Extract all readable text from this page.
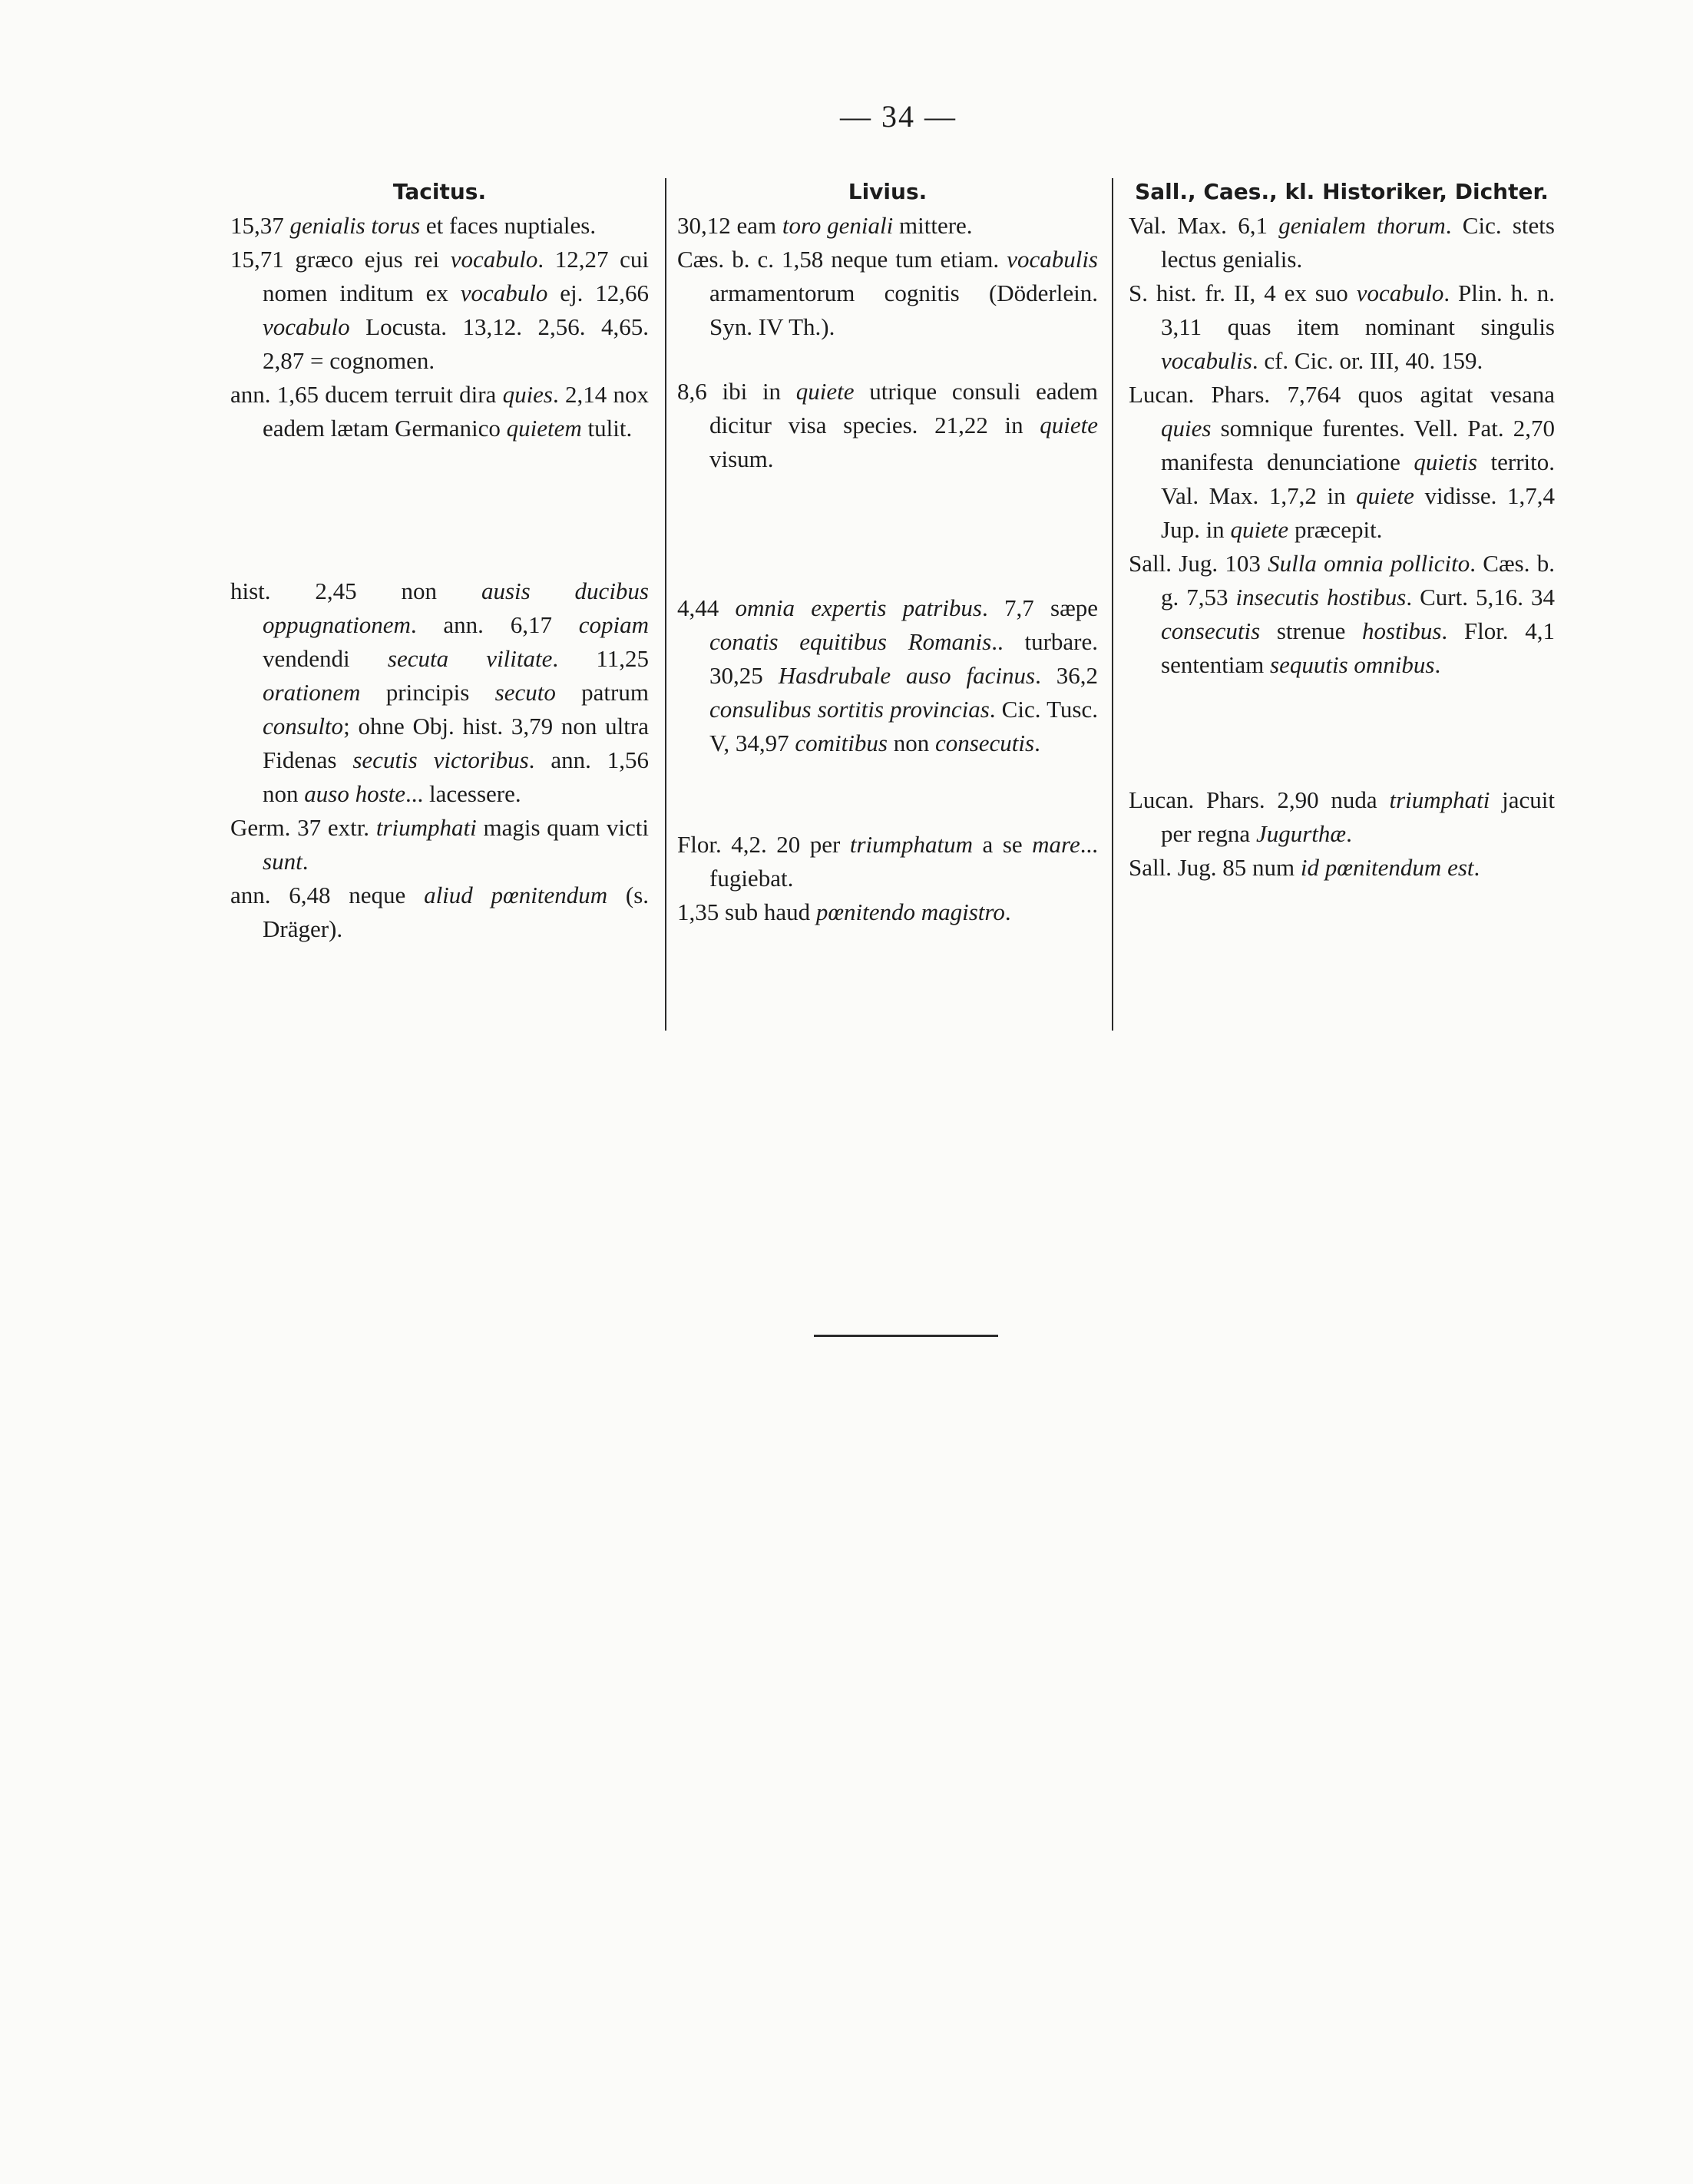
— 34 —
Tacitus.
15,37 genialis torus et faces nuptiales.
15,71 græco ejus rei vocabulo. 12,27 cui nomen inditum ex vocabulo ej. 12,66 vocabulo Locusta. 13,12. 2,56. 4,65. 2,87 = cognomen.
ann. 1,65 ducem terruit dira quies. 2,14 nox eadem lætam Germanico quietem tulit.
hist. 2,45 non ausis ducibus oppugnationem. ann. 6,17 copiam vendendi secuta vilitate. 11,25 orationem principis secuto patrum consulto; ohne Obj. hist. 3,79 non ultra Fidenas secutis victoribus. ann. 1,56 non auso hoste... lacessere.
Germ. 37 extr. triumphati magis quam victi sunt.
ann. 6,48 neque aliud pœnitendum (s. Dräger).
Livius.
30,12 eam toro geniali mittere.
Cæs. b. c. 1,58 neque tum etiam. vocabulis armamentorum cognitis (Döderlein. Syn. IV Th.).
8,6 ibi in quiete utrique consuli eadem dicitur visa species. 21,22 in quiete visum.
4,44 omnia expertis patribus. 7,7 sæpe conatis equitibus Romanis.. turbare. 30,25 Hasdrubale auso facinus. 36,2 consulibus sortitis provincias. Cic. Tusc. V, 34,97 comitibus non consecutis.
Flor. 4,2. 20 per triumphatum a se mare... fugiebat.
1,35 sub haud pœnitendo magistro.
Sall., Caes., kl. Historiker, Dichter.
Val. Max. 6,1 genialem thorum. Cic. stets lectus genialis.
S. hist. fr. II, 4 ex suo vocabulo. Plin. h. n. 3,11 quas item nominant singulis vocabulis. cf. Cic. or. III, 40. 159.
Lucan. Phars. 7,764 quos agitat vesana quies somnique furentes. Vell. Pat. 2,70 manifesta denunciatione quietis territo. Val. Max. 1,7,2 in quiete vidisse. 1,7,4 Jup. in quiete præcepit.
Sall. Jug. 103 Sulla omnia pollicito. Cæs. b. g. 7,53 insecutis hostibus. Curt. 5,16. 34 consecutis strenue hostibus. Flor. 4,1 sententiam sequutis omnibus.
Lucan. Phars. 2,90 nuda triumphati jacuit per regna Jugurthæ.
Sall. Jug. 85 num id pœnitendum est.
